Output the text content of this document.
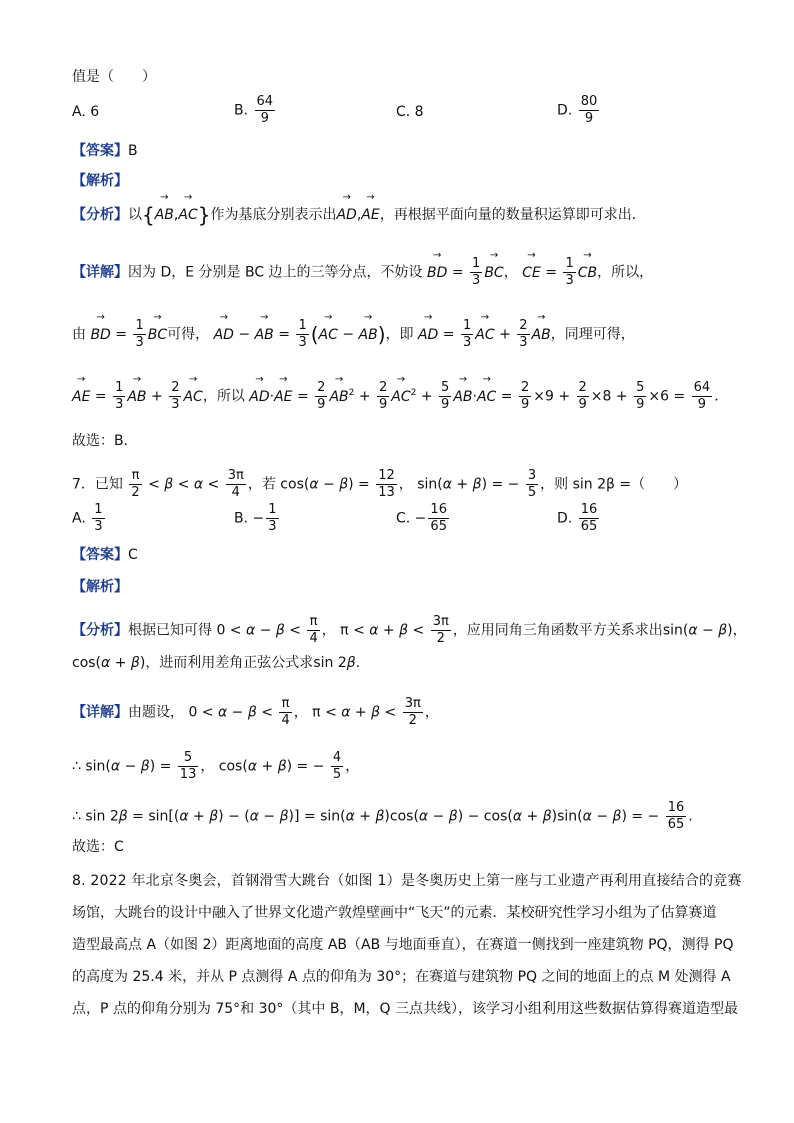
值是（　　）
A. 6	B. $\frac{64}{9}$	C. 8	D. $\frac{80}{9}$
【答案】B
【解析】
【分析】以{→ AB,→ AC}作为基底分别表示出→ AD,→ AE，再根据平面向量的数量积运算即可求出．
【详解】因为 D，E 分别是 BC 边上的三等分点，不妨设 → BD = $\frac{1}{3}$
→ BC， → CE = $\frac{1}{3}$
→ CB，所以，
由 → BD = $\frac{1}{3}$
→ BC可得， → AD − → AB = $\frac{1}{3}$ (→ AC − → AB)，即 → AD = $\frac{1}{3}$
→ AC + $\frac{2}{3}$
→ AB，同理可得，
→ AE = $\frac{1}{3}$
→ AB + $\frac{2}{3}$
→ AC，所以 → AD·→ AE = $\frac{2}{9}$
→ $AB^2 + \frac{2}{9}$
→ $AC^2 + \frac{5}{9}$
→ AB·→ AC = $\frac{2}{9} \times 9 + \frac{2}{9} \times 8 + \frac{5}{9} \times 6 = \frac{64}{9}$ ．
故选：B．
7．已知 $\frac{\pi}{2} < \beta < \alpha < \frac{3\pi}{4}$ ，若 $\cos(\alpha - \beta) = \frac{12}{13}$ ， sin(α + β) = − $\frac{3}{5}$ ，则 sin 2β =（　　）
A. $\frac{1}{3}$	B. − $\frac{1}{3}$	C. − $\frac{16}{65}$	D. $\frac{16}{65}$
【答案】C
【解析】
【分析】根据已知可得 $0 < \alpha - \beta < \frac{\pi}{4}$ ， $\pi < \alpha + \beta < \frac{3\pi}{2}$ ，应用同角三角函数平方关系求出sin(α − β)，
cos(α + β)，进而利用差角正弦公式求sin 2β.
【详解】由题设， $0 < \alpha - \beta < \frac{\pi}{4}$ ， $\pi < \alpha + \beta < \frac{3\pi}{2}$ ，
∴ $\sin(\alpha - \beta) = \frac{5}{13}$ ， cos(α + β) = − $\frac{4}{5}$ ，
∴ sin 2β = sin[(α + β) − (α − β)] = sin(α + β)cos(α − β) − cos(α + β)sin(α − β) = − $\frac{16}{65}$ .
故选：C
8. 2022 年北京冬奥会，首钢滑雪大跳台（如图 1）是冬奥历史上第一座与工业遗产再利用直接结合的竞赛
场馆，大跳台的设计中融入了世界文化遗产敦煌壁画中“飞天”的元素．某校研究性学习小组为了估算赛道
造型最高点 A（如图 2）距离地面的高度 AB（AB 与地面垂直），在赛道一侧找到一座建筑物 PQ，测得 PQ
的高度为 25.4 米，并从 P 点测得 A 点的仰角为 30°；在赛道与建筑物 PQ 之间的地面上的点 M 处测得 A
点，P 点的仰角分别为 75°和 30°（其中 B，M，Q 三点共线），该学习小组利用这些数据估算得赛道造型最
